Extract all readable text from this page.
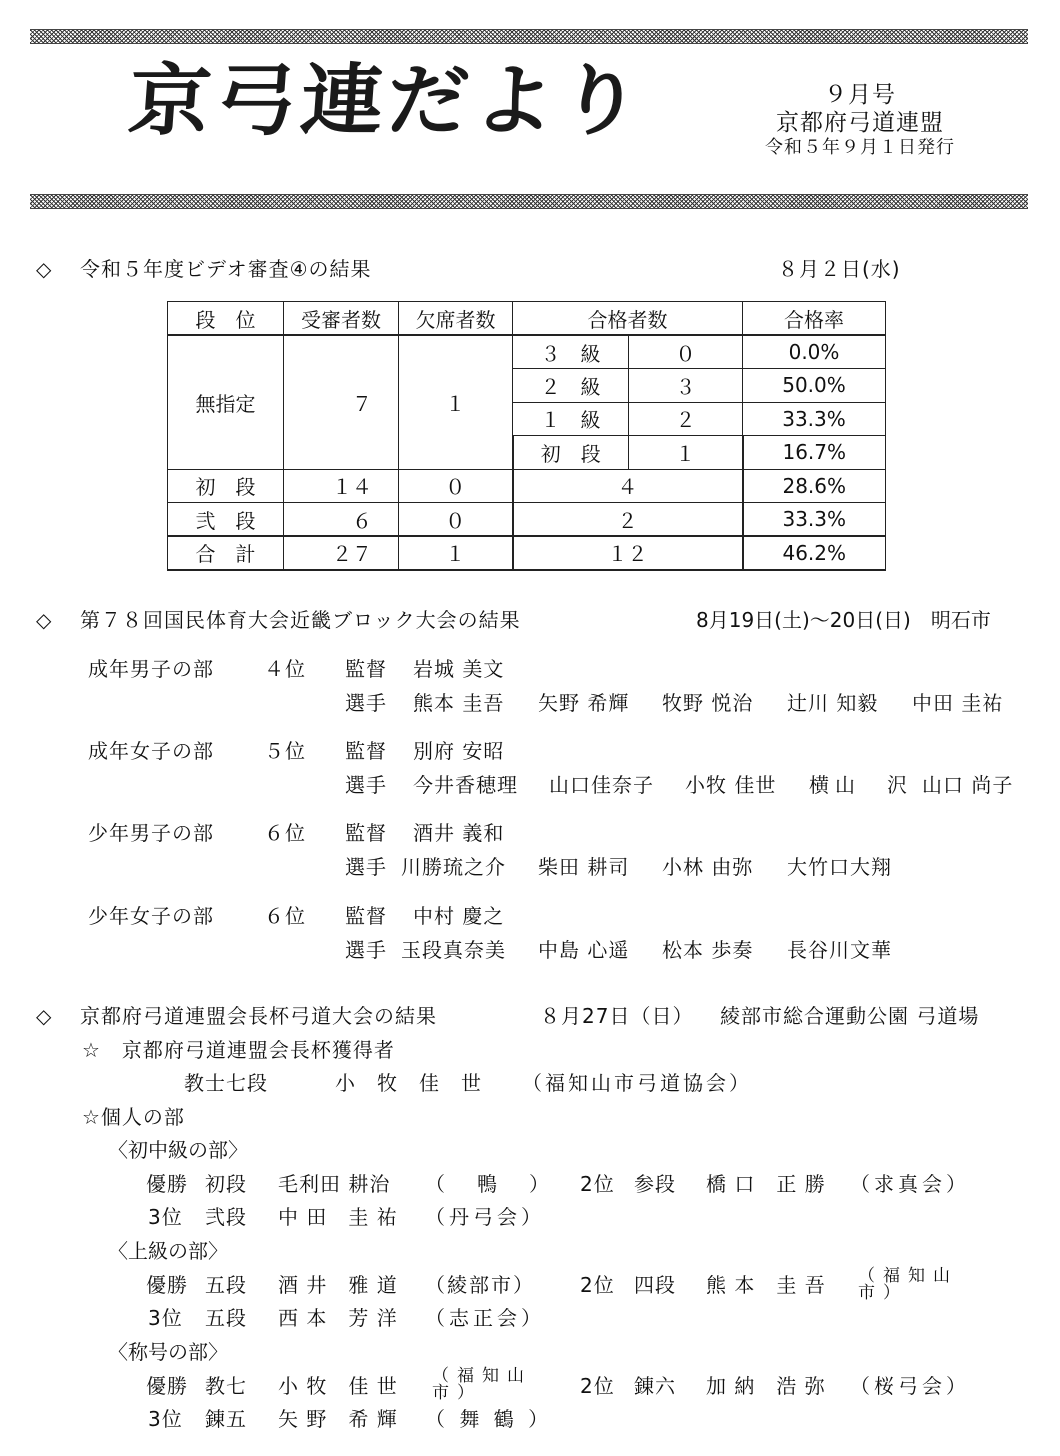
京弓連だより	９月号
京都府弓道連盟
令和５年９月１日発行
◇ 令和５年度ビデオ審査④の結果	８月２日(水)
段　位	受審者数	欠席者数	合格者数		合格率
無指定	７	１	３　級	０	0.0%
			２　級	３	50.0%
			１　級	２	33.3%
			初　段	１	16.7%
初　段	１４	０	４		28.6%
弐　段	６	０	２		33.3%
合　計	２７	１	１２		46.2%
◇ 第７８回国民体育大会近畿ブロック大会の結果	8月19日(土)～20日(日)　明石市
成年男子の部	４位 監督 岩城 美文
選手 熊本 圭吾 矢野 希輝 牧野 悦治 辻川 知毅 中田 圭祐
成年女子の部	５位 監督 別府 安昭
選手 今井香穂理 山口佳奈子 小牧 佳世 横山　沢 山口 尚子
少年男子の部	６位 監督 酒井 義和
選手 川勝琉之介 柴田 耕司 小林 由弥 大竹口大翔
少年女子の部	６位 監督 中村 慶之
選手 玉段真奈美 中島 心遥 松本 歩奏 長谷川文華
◇ 京都府弓道連盟会長杯弓道大会の結果	８月27日（日） 綾部市総合運動公園 弓道場
☆　京都府弓道連盟会長杯獲得者
教士七段	小　牧　佳　世 （福知山市弓道協会）
☆個人の部
〈初中級の部〉
優勝 初段 毛利田 耕治 （　鴨　） 2位 参段 橋 口　正 勝 （求真会）
3位 弐段 中 田　圭 祐 （丹弓会）
〈上級の部〉
優勝 五段 酒 井　雅 道 （綾部市） 2位 四段 熊 本　圭 吾 （福知山市）
3位 五段 西 本　芳 洋 （志正会）
〈称号の部〉
優勝 教七 小 牧　佳 世 （福知山市）	2位 錬六 加 納　浩 弥 （桜弓会）
3位 錬五 矢 野　希 輝 （ 舞 鶴 ）
